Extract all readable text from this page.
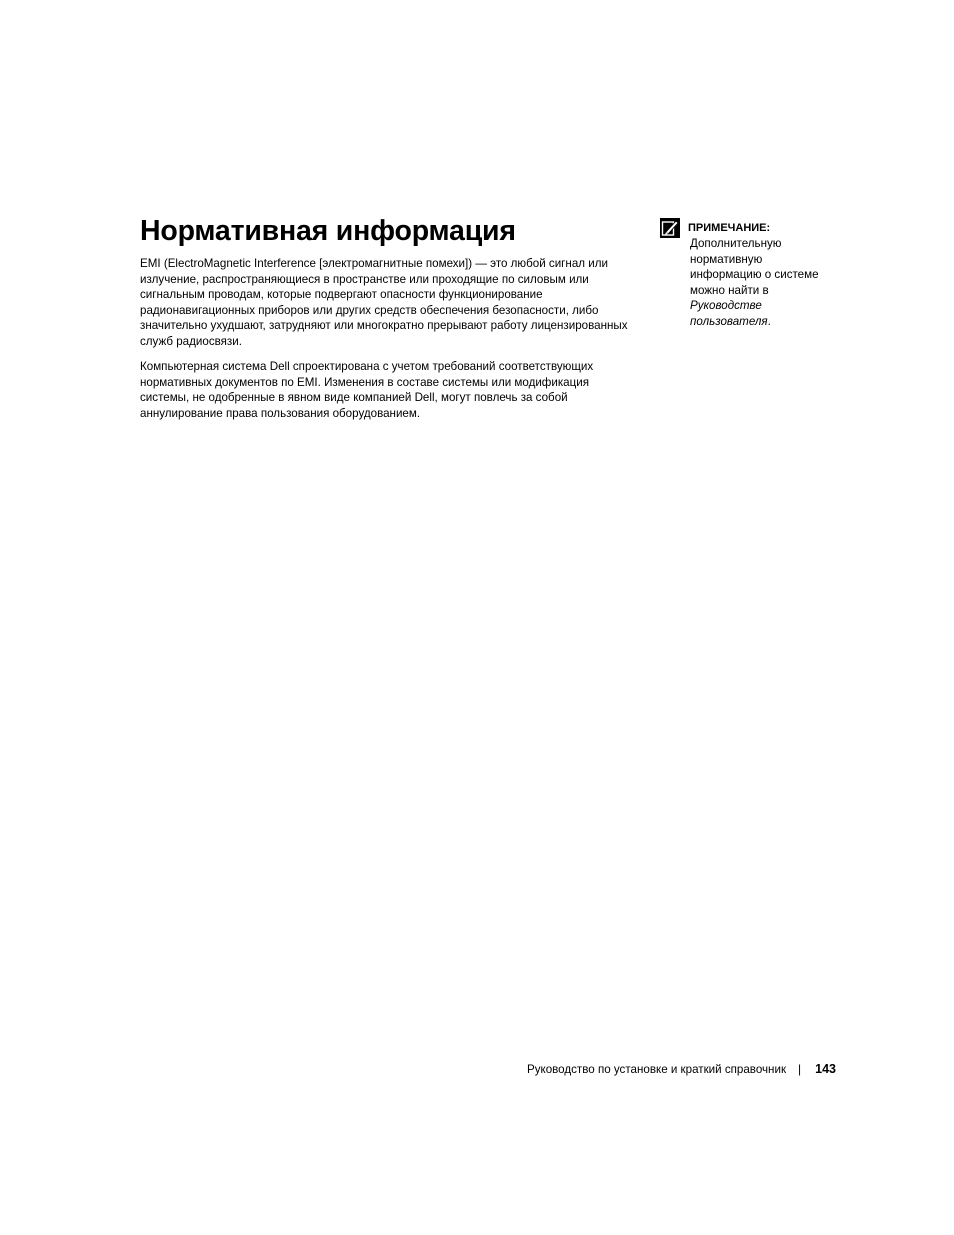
Нормативная информация

EMI (ElectroMagnetic Interference [электромагнитные помехи]) — это любой сигнал или излучение, распространяющиеся в пространстве или проходящие по силовым или сигнальным проводам, которые подвергают опасности функционирование радионавигационных приборов или других средств обеспечения безопасности, либо значительно ухудшают, затрудняют или многократно прерывают работу лицензированных служб радиосвязи.

Компьютерная система Dell спроектирована с учетом требований соответствующих нормативных документов по EMI. Изменения в составе системы или модификация системы, не одобренные в явном виде компанией Dell, могут повлечь за собой аннулирование права пользования оборудованием.

ПРИМЕЧАНИЕ:
Дополнительную
нормативную
информацию о системе
можно найти в
Руководстве
пользователя.
Руководство по установке и краткий справочник | 143
